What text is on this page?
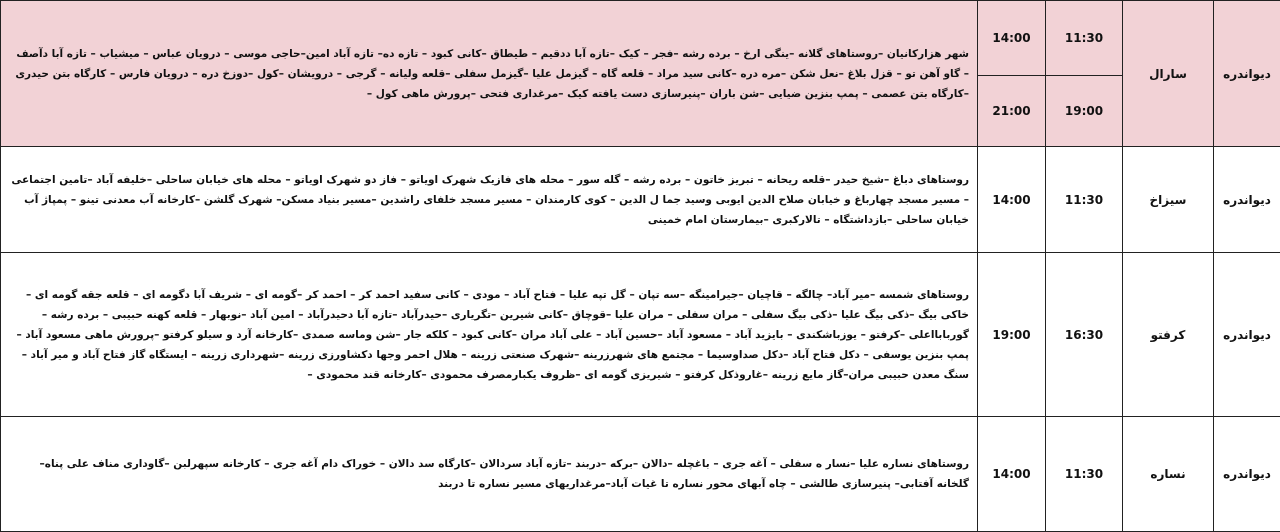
دیواندره	سارال	11:30	14:00	شهر هزارکانیان –روستاهای گلانه –ینگی ارخ – برده رشه –فجر – کیک –تازه آبا ددقیم – طیطاق –کانی کبود – تازه ده– تازه آباد امین–حاجی موسی – درویان عباس – میشیاب – تازه آبا دآصف – گاو آهن تو – قزل بلاغ –نعل شکن –مره دره –کانی سید مراد – قلعه گاه – گیزمل علیا –گیزمل سفلی –قلعه ولیانه – گرجی – درویشان –کول –دوزخ دره – درویان فارس – کارگاه بتن حیدری –کارگاه بتن عصمی – پمپ بنزین ضیایی –شن باران –پنیرسازی دست یافته کیک –مرغداری فتحی –پرورش ماهی کول –
		19:00	21:00	
دیواندره	سیزاخ	11:30	14:00	روستاهای دباغ –شیخ حیدر –قلعه ریحانه – تبریز خاتون – برده رشه – گله سور – محله های فازیک شهرک اویاتو – فاز دو شهرک اویاتو – محله های خیابان ساحلی –خلیفه آباد –تامین اجتماعی – مسیر مسجد چهارباغ و خیابان صلاح الدین ایوبی وسید جما ل الدین – کوی کارمندان – مسیر مسجد خلفای راشدین –مسیر بنیاد مسکن– شهرک گلشن –کارخانه آب معدنی تینو – پمپاژ آب خیابان ساحلی –بازداشتگاه – تالارکبری –بیمارستان امام خمینی
دیواندره	کرفتو	16:30	19:00	روستاهای شمسه –میر آباد– چالگه – قاچیان –جیرامینگه –سه تپان – گل تپه علیا – فتاح آباد – مودی – کانی سفید احمد کر – احمد کر –گومه ای – شریف آبا دگومه ای – قلعه جقه گومه ای –خاکی بیگ –ذکی بیگ علیا –ذکی بیگ سفلی – مران سفلی – مران علیا –قوچاق –کانی شیرین –تگریاری –حیدرآباد –تازه آبا دحیدرآباد – امین آباد –نوبهار – قلعه کهنه حبیبی – برده رشه –گوربابااعلی –کرفتو – یوزباشکندی – بایزید آباد – مسعود آباد –حسین آباد – علی آباد مران –کانی کبود – کلکه جار –شن وماسه صمدی –کارخانه آرد و سیلو کرفتو –پرورش ماهی مسعود آباد – پمپ بنزین یوسفی – دکل فتاح آباد –دکل صداوسیما – مجتمع های شهرزرینه –شهرک صنعتی زرینه – هلال احمر وجها دکشاورزی زرینه –شهرداری زرینه – ایستگاه گاز فتاح آباد و میر آباد – سنگ معدن حبیبی مران–گاز مایع زرینه –غاروذکل کرفتو – شیریزی گومه ای –ظروف یکبارمصرف محمودی –کارخانه قند محمودی –
دیواندره	نساره	11:30	14:00	روستاهای نساره علیا –نسار ه سفلی – آغه جری – باغچله –دالان –برکه –دربند –تازه آباد سردالان –کارگاه سد دالان – خوراک دام آغه جری – کارخانه سپهرلبن –گاوداری مناف علی پناه–گلخانه آفتابی– پنیرسازی طالشی – چاه آبهای محور نساره تا غیات آباد–مرغداریهای مسیر نساره تا دربند
